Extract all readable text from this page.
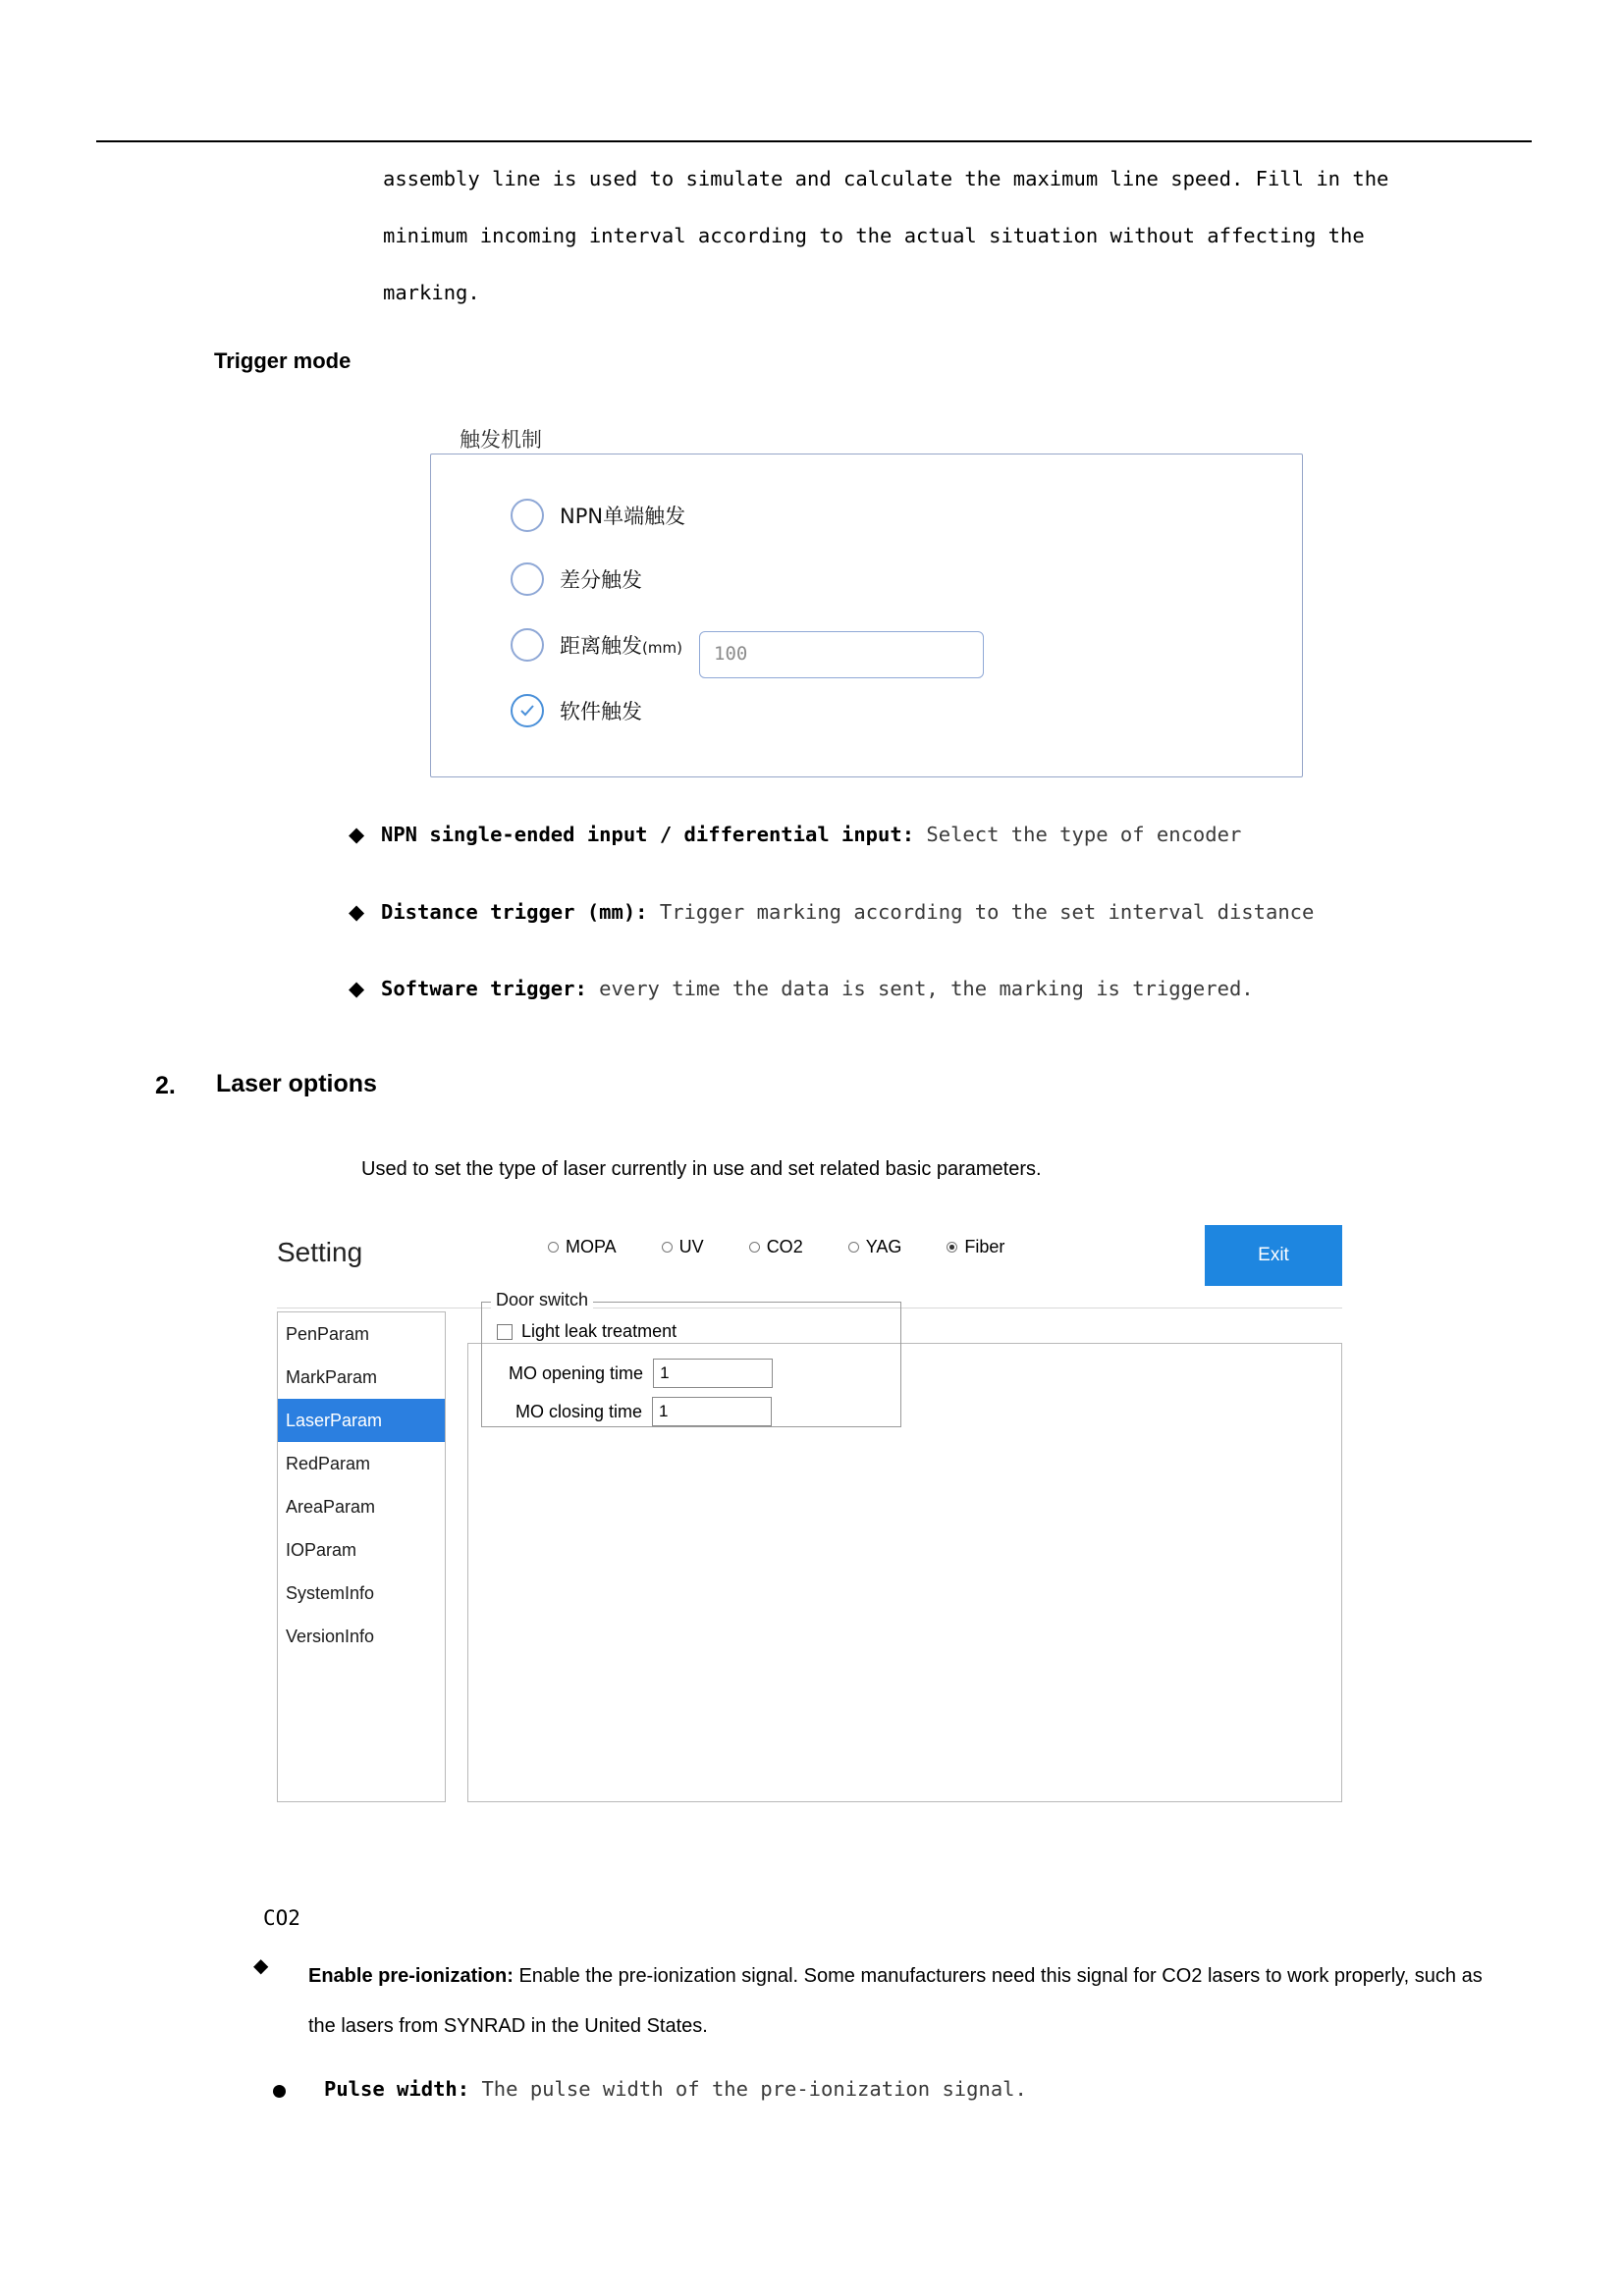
assembly line is used to simulate and calculate the maximum line speed. Fill in the
minimum incoming interval according to the actual situation without affecting the
marking.
Trigger mode
触发机制
NPN单端触发
差分触发
距离触发(mm)	100
软件触发
◆ NPN single-ended input / differential input: Select the type of encoder
◆ Distance trigger (mm): Trigger marking according to the set interval distance
◆ Software trigger: every time the data is sent, the marking is triggered.
2. Laser options
Used to set the type of laser currently in use and set related basic parameters.
Setting	Exit
PenParam
MarkParam
LaserParam
RedParam
AreaParam
IOParam
SystemInfo
VersionInfo
MOPA	UV	CO2	YAG	Fiber
Door switch
Light leak treatment
MO opening time	1
MO closing time	1
CO2
◆ Enable pre-ionization: Enable the pre-ionization signal. Some manufacturers need this signal for CO2 lasers to work properly, such as the lasers from SYNRAD in the United States.
Pulse width: The pulse width of the pre-ionization signal.
